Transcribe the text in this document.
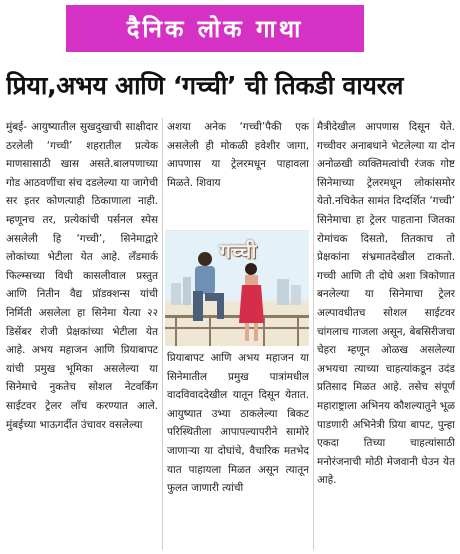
दैनिक लोक गाथा
प्रिया,अभय आणि ‘गच्ची’ ची तिकडी वायरल
मुंबई- आयुष्यातील सुखदुखाची साक्षीदार ठरलेली ‘गच्ची’ शहरातील प्रत्येक माणसासाठी खास असते.बालपणाच्या गोड आठवणींचा संच दडलेल्या या जागेची सर इतर कोणत्याही ठिकाणाला नाही. म्हणूनच तर, प्रत्येकांची पर्सनल स्पेस असलेली हि ‘गच्ची’, सिनेमाद्वारे लोकांच्या भेटीला येत आहे. लँडमार्क फिल्म्सच्या विधी कासलीवाल प्रस्तुत आणि नितीन वैद्य प्रॉडक्शन्स यांची निर्मिती असलेला हा सिनेमा येत्या २२ डिसेंबर रोजी प्रेक्षकांच्या भेटीला येत आहे. अभय महाजन आणि प्रियाबापट यांची प्रमुख भूमिका असलेल्या या सिनेमाचे नुकतेच सोशल नेटवर्किंग साईटवर ट्रेलर लॉंच करण्यात आले. मुंबईच्या भाऊगर्दीत उंचावर वसलेल्या
अशया अनेक ‘गच्ची’पैकी एक असलेली ही मोकळी हवेशीर जागा, आपणास या ट्रेलरमधून पाहावला मिळते. शिवाय
गच्ची
प्रियाबापट आणि अभय महाजन या सिनेमातील प्रमुख पात्रांमधील वादविवाददेखील यातून दिसून येतात. आयुष्यात उभ्या ठाकलेल्या बिकट परिस्थितीला आपापल्यापरीने सामोरे जाणाऱ्या या दोघांचे, वैचारिक मतभेद यात पाहायला मिळत असून त्यातून फुलत जाणारी त्यांची
मैत्रीदेखील आपणास दिसून येते. गच्चीवर अनाबधाने भेटलेल्या या दोन अनोळखी व्यक्तिमत्वांची रंजक गोष्ट सिनेमाच्या ट्रेलरमधून लोकांसमोर येतो.नचिकेत सामंत दिग्दर्शित ‘गच्ची’ सिनेमाचा हा ट्रेलर पाहताना जितका रोमांचक दिसतो, तितकाच तो प्रेक्षकांना संभ्रमातदेखील टाकतो. गच्ची आणि ती दोघे अशा त्रिकोणात बनलेल्या या सिनेमाचा ट्रेलर अल्पावधीतच सोशल साईटवर चांगलाच गाजला असून, बेबसिरीजचा चेहरा म्हणून ओळख असलेल्या अभयचा त्याच्या चाहत्यांकडून उदंड प्रतिसाद मिळत आहे. तसेच संपूर्ण महाराष्ट्राला अभिनय कौशल्यातुने भूळ पाडणारी अभिनेत्री प्रिया बापट, पुन्हा एकदा तिच्या चाहत्यांसाठी मनोरंजनाची मोठी मेजवानी घेउन येत आहे.
